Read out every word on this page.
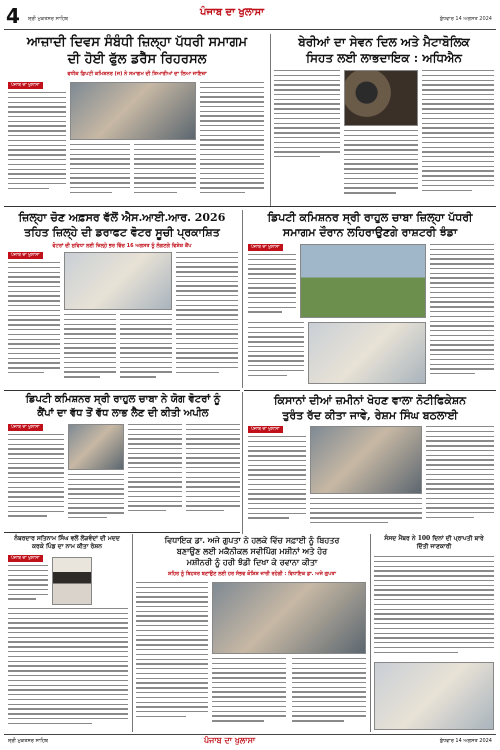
4 ਸ਼੍ਰੀ ਮੁਕਤਸਰ ਸਾਹਿਬ
ਪੰਜਾਬ ਦਾ ਖੁਲਾਸਾ
ਬੁੱਧਵਾਰ 14 ਅਗਸਤ 2024
ਆਜ਼ਾਦੀ ਦਿਵਸ ਸੰਬੰਧੀ ਜ਼ਿਲ੍ਹਾ ਪੱਧਰੀ ਸਮਾਗਮ
ਦੀ ਹੋਈ ਫੁੱਲ ਡਰੈੱਸ ਰਿਹਰਸਲ
ਵਧੀਕ ਡਿਪਟੀ ਕਮਿਸ਼ਨਰ (ਜ) ਨੇ ਸਮਾਗਮ ਦੀ ਤਿਆਰੀਆਂ ਦਾ ਲਿਆ ਜਾਇਜ਼ਾ
ਪੰਜਾਬ ਦਾ ਖੁਲਾਸਾ
ਬੇਰੀਆਂ ਦਾ ਸੇਵਨ ਦਿਲ ਅਤੇ ਮੈਟਾਬੋਲਿਕ
ਸਿਹਤ ਲਈ ਲਾਭਦਾਇਕ : ਅਧਿਐਨ
ਜ਼ਿਲ੍ਹਾ ਚੋਣ ਅਫ਼ਸਰ ਵੱਲੋਂ ਐਸ.ਆਈ.ਆਰ. 2026
ਤਹਿਤ ਜ਼ਿਲ੍ਹੇ ਦੀ ਡਰਾਫਟ ਵੋਟਰ ਸੂਚੀ ਪ੍ਰਕਾਸ਼ਿਤ
ਵੋਟਰਾਂ ਦੀ ਸੁਵਿਧਾ ਲਈ ਜ਼ਿਲ੍ਹੇ ਭਰ ਵਿੱਚ 16 ਅਗਸਤ ਨੂੰ ਲੱਗਣਗੇ ਵਿਸ਼ੇਸ਼ ਕੈਂਪ
ਪੰਜਾਬ ਦਾ ਖੁਲਾਸਾ
ਡਿਪਟੀ ਕਮਿਸ਼ਨਰ ਸ੍ਰੀ ਰਾਹੁਲ ਚਾਬਾ ਜ਼ਿਲ੍ਹਾ ਪੱਧਰੀ
ਸਮਾਗਮ ਦੌਰਾਨ ਲਹਿਰਾਉਣਗੇ ਰਾਸ਼ਟਰੀ ਝੰਡਾ
ਪੰਜਾਬ ਦਾ ਖੁਲਾਸਾ
ਡਿਪਟੀ ਕਮਿਸ਼ਨਰ ਸ੍ਰੀ ਰਾਹੁਲ ਚਾਬਾ ਨੇ ਯੋਗ ਵੋਟਰਾਂ ਨੂੰ
ਕੈਂਪਾਂ ਦਾ ਵੱਧ ਤੋਂ ਵੱਧ ਲਾਭ ਲੈਣ ਦੀ ਕੀਤੀ ਅਪੀਲ
ਪੰਜਾਬ ਦਾ ਖੁਲਾਸਾ
ਕਿਸਾਨਾਂ ਦੀਆਂ ਜ਼ਮੀਨਾਂ ਖੋਹਣ ਵਾਲਾ ਨੋਟੀਫਿਕੇਸ਼ਨ
ਤੁਰੰਤ ਰੱਦ ਕੀਤਾ ਜਾਵੇ, ਰੇਸ਼ਮ ਸਿੰਘ ਬਠਲਾਈ
ਪੰਜਾਬ ਦਾ ਖੁਲਾਸਾ
ਨੰਬਰਦਾਰ ਸਤਿਨਾਮ ਸਿੰਘ ਵਲੋਂ ਲੋੜਵੰਦਾਂ ਦੀ ਮਦਦ
ਕਰਕੇ ਪਿੰਡ ਦਾ ਨਾਮ ਕੀਤਾ ਰੋਸ਼ਨ
ਪੰਜਾਬ ਦਾ ਖੁਲਾਸਾ
ਵਿਧਾਇਕ ਡਾ. ਅਜੇ ਗੁਪਤਾ ਨੇ ਹਲਕੇ ਵਿੱਚ ਸਫ਼ਾਈ ਨੂੰ ਬਿਹਤਰ
ਬਣਾਉਣ ਲਈ ਮਕੈਨੀਕਲ ਸਵੀਪਿੰਗ ਮਸ਼ੀਨਾਂ ਅਤੇ ਹੋਰ
ਮਸ਼ੀਨਰੀ ਨੂੰ ਹਰੀ ਝੰਡੀ ਦਿਖਾ ਕੇ ਰਵਾਨਾ ਕੀਤਾ
ਸ਼ਹਿਰ ਨੂੰ ਬਿਹਤਰ ਬਣਾਉਣ ਲਈ ਹਰ ਸੰਭਵ ਕੋਸ਼ਿਸ਼ ਜਾਰੀ ਰਹੇਗੀ : ਵਿਧਾਇਕ ਡਾ. ਅਜੇ ਗੁਪਤਾ
ਸੰਸਦ ਮੈਂਬਰ ਨੇ 100 ਦਿਨਾਂ ਦੀ ਪ੍ਰਾਪਤੀ ਬਾਰੇ
ਦਿੱਤੀ ਜਾਣਕਾਰੀ
ਸ਼੍ਰੀ ਮੁਕਤਸਰ ਸਾਹਿਬ	ਪੰਜਾਬ ਦਾ ਖੁਲਾਸਾ	ਬੁੱਧਵਾਰ 14 ਅਗਸਤ 2024
